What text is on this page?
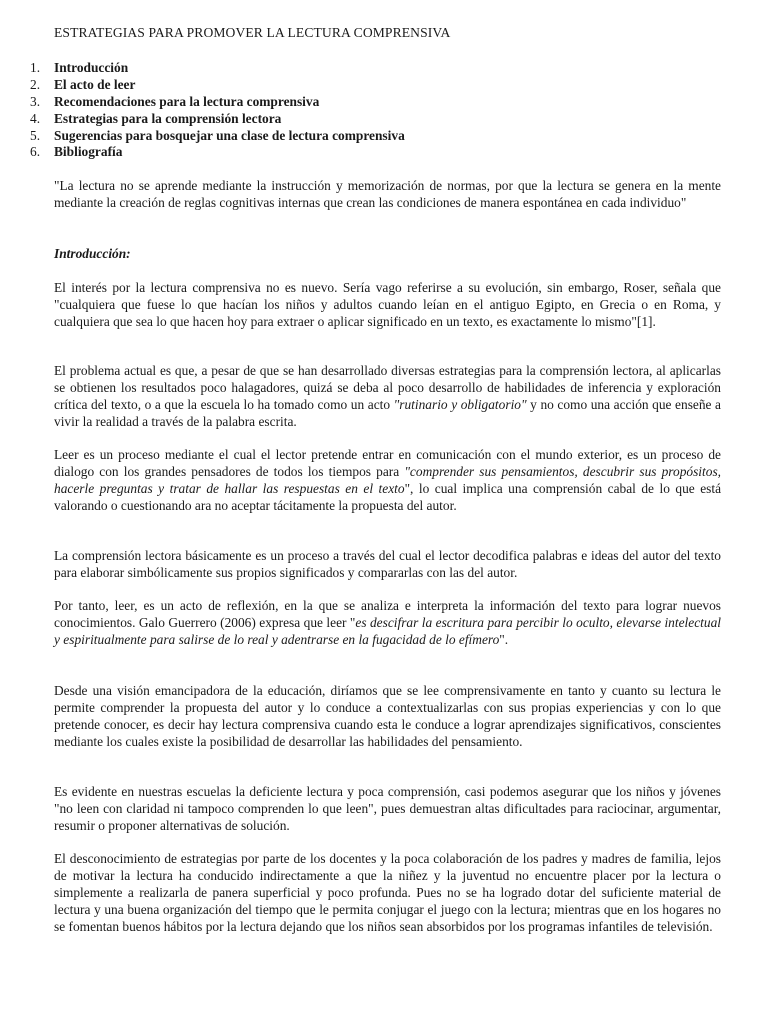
ESTRATEGIAS PARA PROMOVER LA LECTURA COMPRENSIVA
1.	Introducción
2.	El acto de leer
3.	Recomendaciones para la lectura comprensiva
4.	Estrategias para la comprensión lectora
5.	Sugerencias para bosquejar una clase de lectura comprensiva
6.	Bibliografía

"La lectura no se aprende mediante la instrucción y memorización de normas, por que la lectura se genera en la mente mediante la creación de reglas cognitivas internas que crean las condiciones de manera espontánea en cada individuo"

Introducción:

El interés por la lectura comprensiva no es nuevo. Sería vago referirse a su evolución, sin embargo, Roser, señala que "cualquiera que fuese lo que hacían los niños y adultos cuando leían en el antiguo Egipto, en Grecia o en Roma, y cualquiera que sea lo que hacen hoy para extraer o aplicar significado en un texto, es exactamente lo mismo"[1].

El problema actual es que, a pesar de que se han desarrollado diversas estrategias para la comprensión lectora, al aplicarlas se obtienen los resultados poco halagadores, quizá se deba al poco desarrollo de habilidades de inferencia y exploración crítica del texto, o a que la escuela lo ha tomado como un acto "rutinario y obligatorio" y no como una acción que enseñe a vivir la realidad a través de la palabra escrita.

Leer es un proceso mediante el cual el lector pretende entrar en comunicación con el mundo exterior, es un proceso de dialogo con los grandes pensadores de todos los tiempos para "comprender sus pensamientos, descubrir sus propósitos, hacerle preguntas y tratar de hallar las respuestas en el texto", lo cual implica una comprensión cabal de lo que está valorando o cuestionando ara no aceptar tácitamente la propuesta del autor.

La comprensión lectora básicamente es un proceso a través del cual el lector decodifica palabras e ideas del autor del texto para elaborar simbólicamente sus propios significados y compararlas con las del autor.

Por tanto, leer, es un acto de reflexión, en la que se analiza e interpreta la información del texto para lograr nuevos conocimientos. Galo Guerrero (2006) expresa que leer "es descifrar la escritura para percibir lo oculto, elevarse intelectual y espiritualmente para salirse de lo real y adentrarse en la fugacidad de lo efímero".

Desde una visión emancipadora de la educación, diríamos que se lee comprensivamente en tanto y cuanto su lectura le permite comprender la propuesta del autor y lo conduce a contextualizarlas con sus propias experiencias y con lo que pretende conocer, es decir hay lectura comprensiva cuando esta le conduce a lograr aprendizajes significativos, conscientes mediante los cuales existe la posibilidad de desarrollar las habilidades del pensamiento.

Es evidente en nuestras escuelas la deficiente lectura y poca comprensión, casi podemos asegurar que los niños y jóvenes "no leen con claridad ni tampoco comprenden lo que leen", pues demuestran altas dificultades para raciocinar, argumentar, resumir o proponer alternativas de solución.

El desconocimiento de estrategias por parte de los docentes y la poca colaboración de los padres y madres de familia, lejos de motivar la lectura ha conducido indirectamente a que la niñez y la juventud no encuentre placer por la lectura o simplemente a realizarla de panera superficial y poco profunda. Pues no se ha logrado dotar del suficiente material de lectura y una buena organización del tiempo que le permita conjugar el juego con la lectura; mientras que en los hogares no se fomentan buenos hábitos por la lectura dejando que los niños sean absorbidos por los programas infantiles de televisión.
